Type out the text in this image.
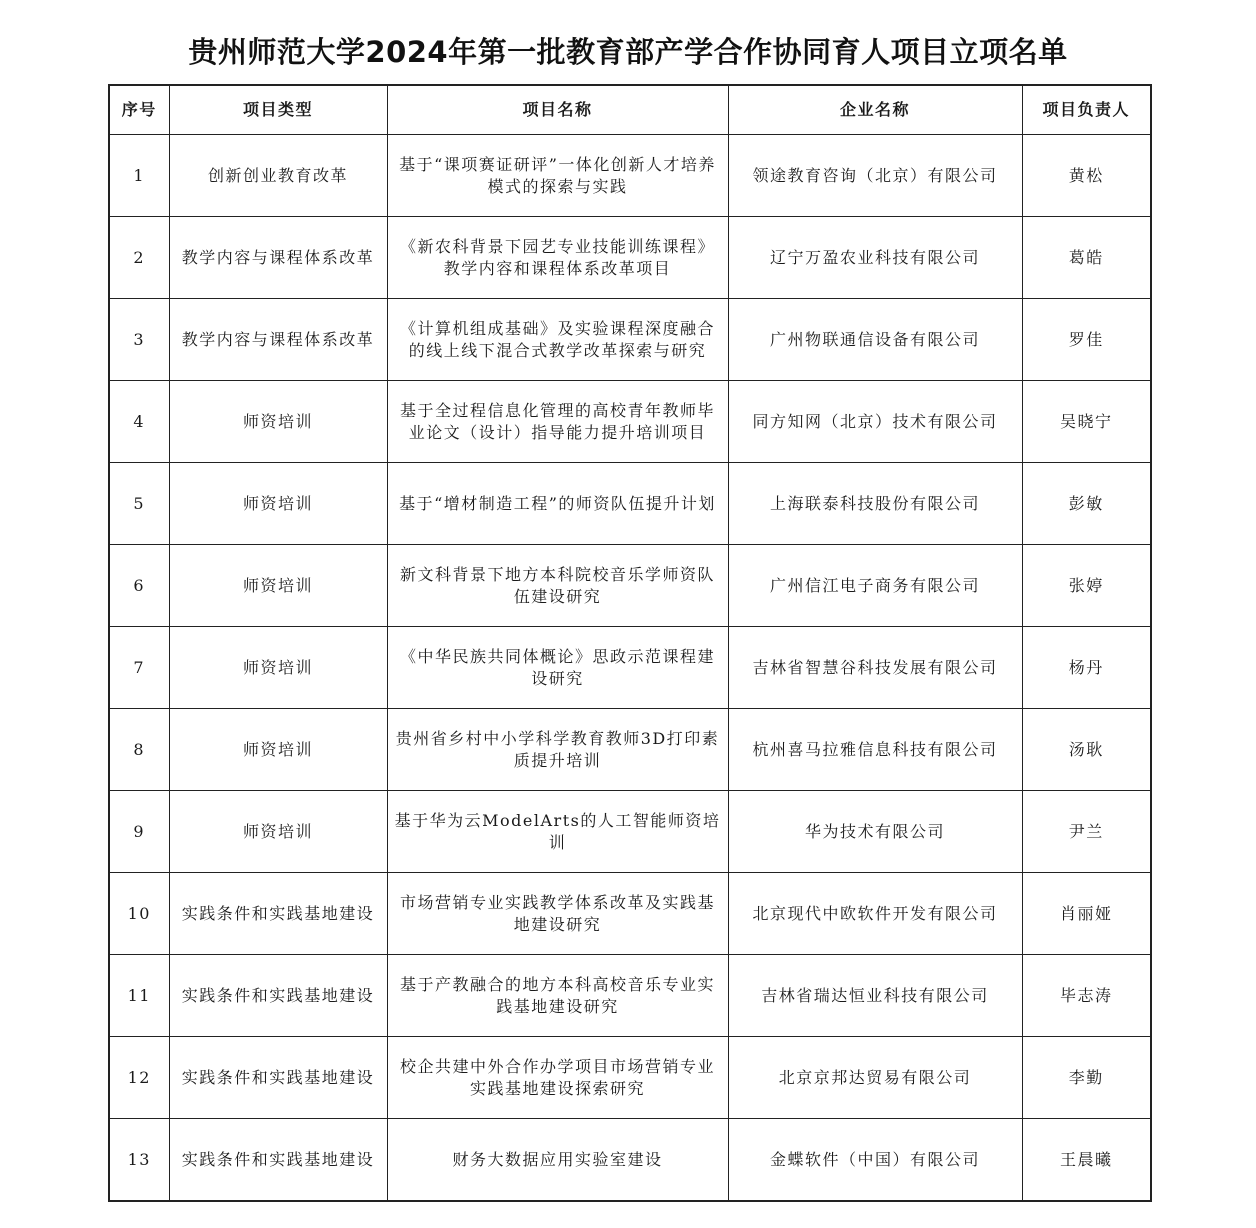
贵州师范大学2024年第一批教育部产学合作协同育人项目立项名单
序号	项目类型	项目名称	企业名称	项目负责人
1	创新创业教育改革	基于“课项赛证研评”一体化创新人才培养模式的探索与实践	领途教育咨询（北京）有限公司	黄松
2	教学内容与课程体系改革	《新农科背景下园艺专业技能训练课程》教学内容和课程体系改革项目	辽宁万盈农业科技有限公司	葛皓
3	教学内容与课程体系改革	《计算机组成基础》及实验课程深度融合的线上线下混合式教学改革探索与研究	广州物联通信设备有限公司	罗佳
4	师资培训	基于全过程信息化管理的高校青年教师毕业论文（设计）指导能力提升培训项目	同方知网（北京）技术有限公司	吴晓宁
5	师资培训	基于“增材制造工程”的师资队伍提升计划	上海联泰科技股份有限公司	彭敏
6	师资培训	新文科背景下地方本科院校音乐学师资队伍建设研究	广州信江电子商务有限公司	张婷
7	师资培训	《中华民族共同体概论》思政示范课程建设研究	吉林省智慧谷科技发展有限公司	杨丹
8	师资培训	贵州省乡村中小学科学教育教师3D打印素质提升培训	杭州喜马拉雅信息科技有限公司	汤耿
9	师资培训	基于华为云ModelArts的人工智能师资培训	华为技术有限公司	尹兰
10	实践条件和实践基地建设	市场营销专业实践教学体系改革及实践基地建设研究	北京现代中欧软件开发有限公司	肖丽娅
11	实践条件和实践基地建设	基于产教融合的地方本科高校音乐专业实践基地建设研究	吉林省瑞达恒业科技有限公司	毕志涛
12	实践条件和实践基地建设	校企共建中外合作办学项目市场营销专业实践基地建设探索研究	北京京邦达贸易有限公司	李勤
13	实践条件和实践基地建设	财务大数据应用实验室建设	金蝶软件（中国）有限公司	王晨曦
